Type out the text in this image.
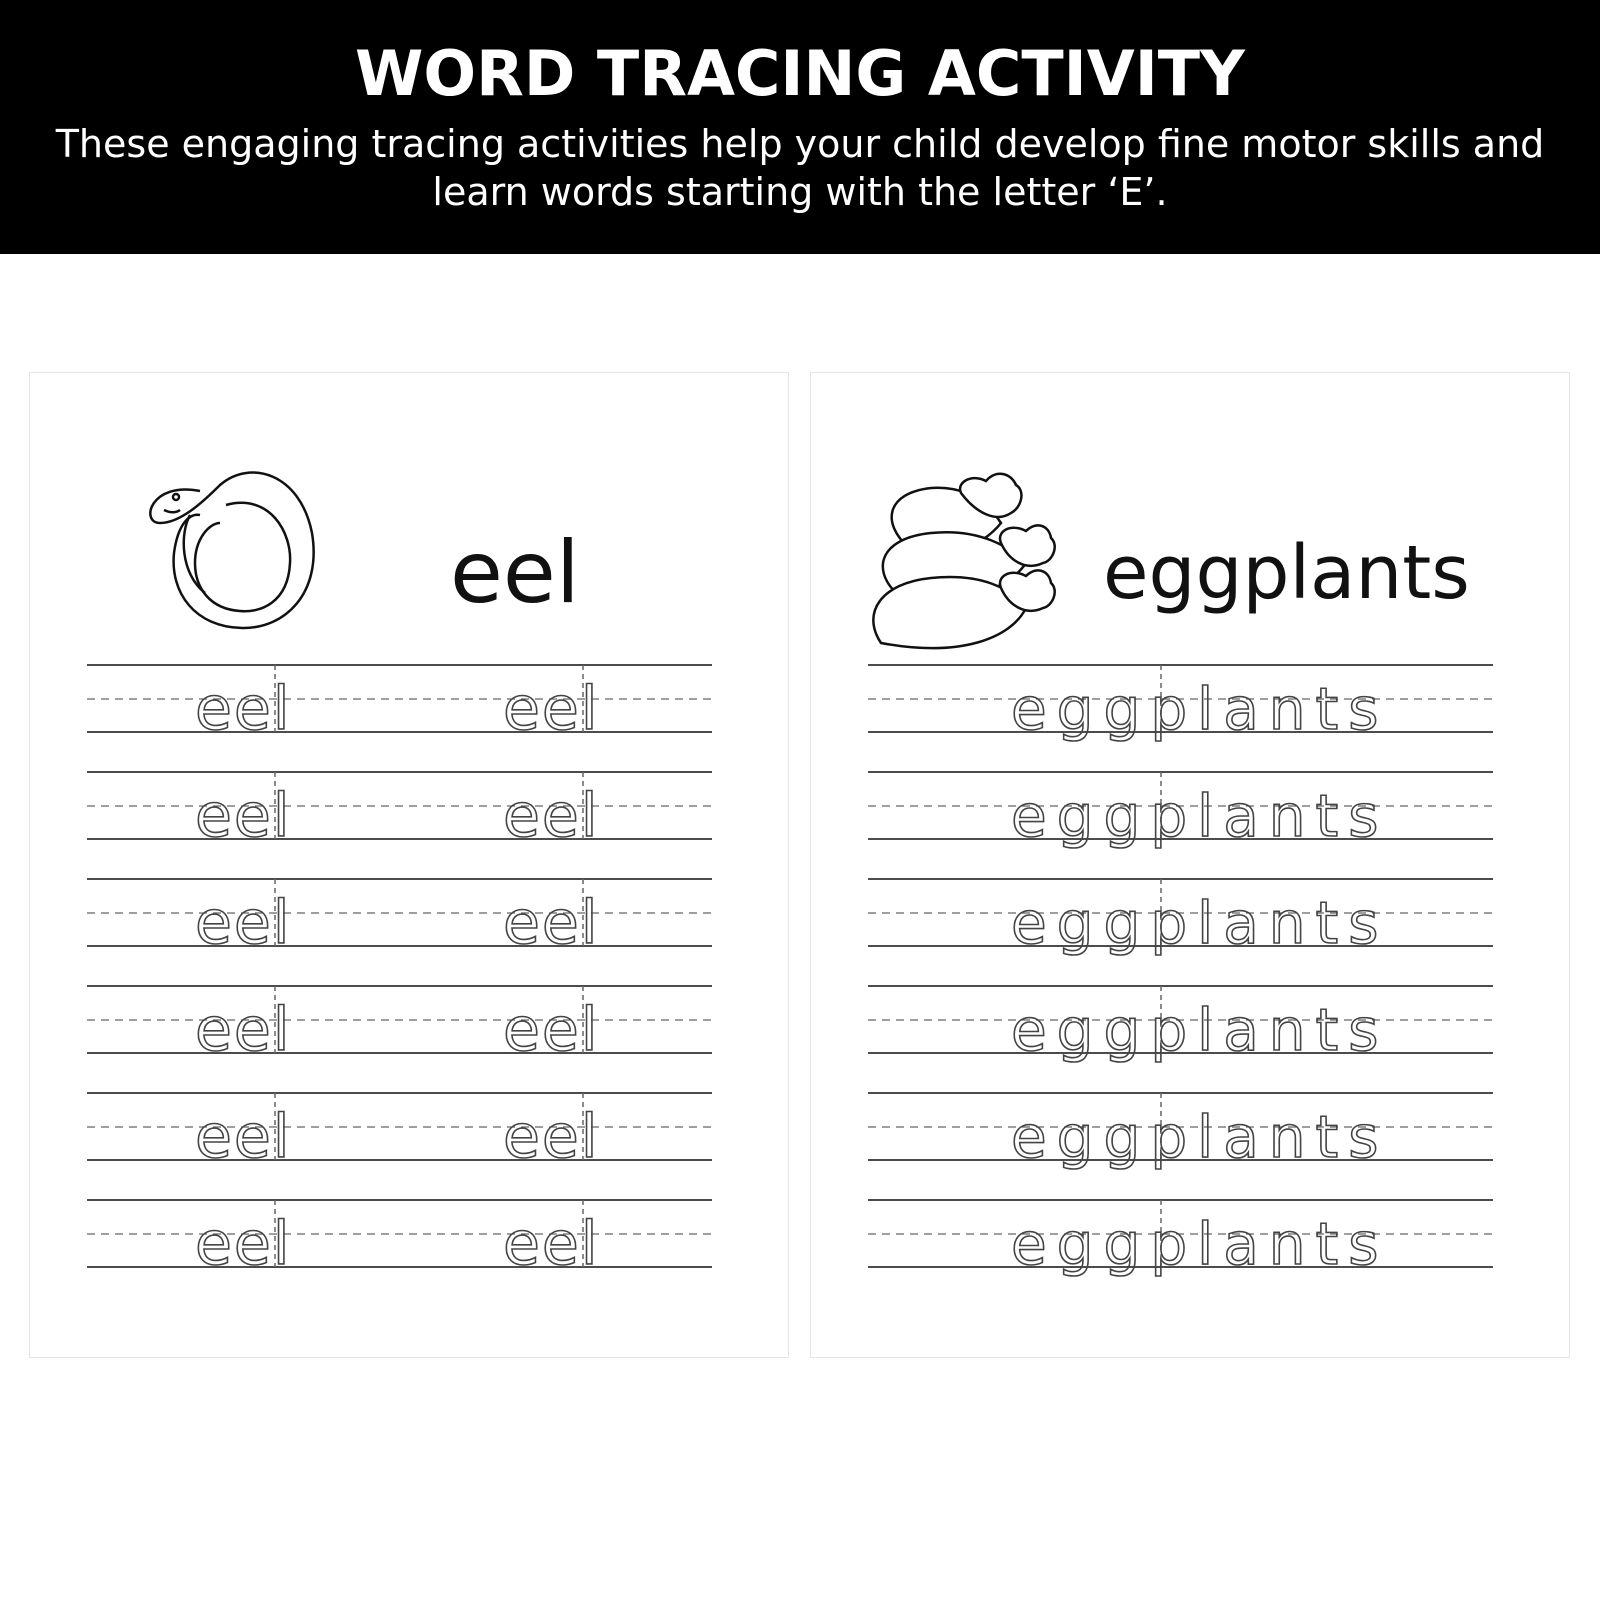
WORD TRACING ACTIVITY

These engaging tracing activities help your child develop fine motor skills and learn words starting with the letter ‘E’.

eel

eel	eel
eel	eel
eel	eel
eel	eel
eel	eel
eel	eel

eggplants

eggplants
eggplants
eggplants
eggplants
eggplants
eggplants
